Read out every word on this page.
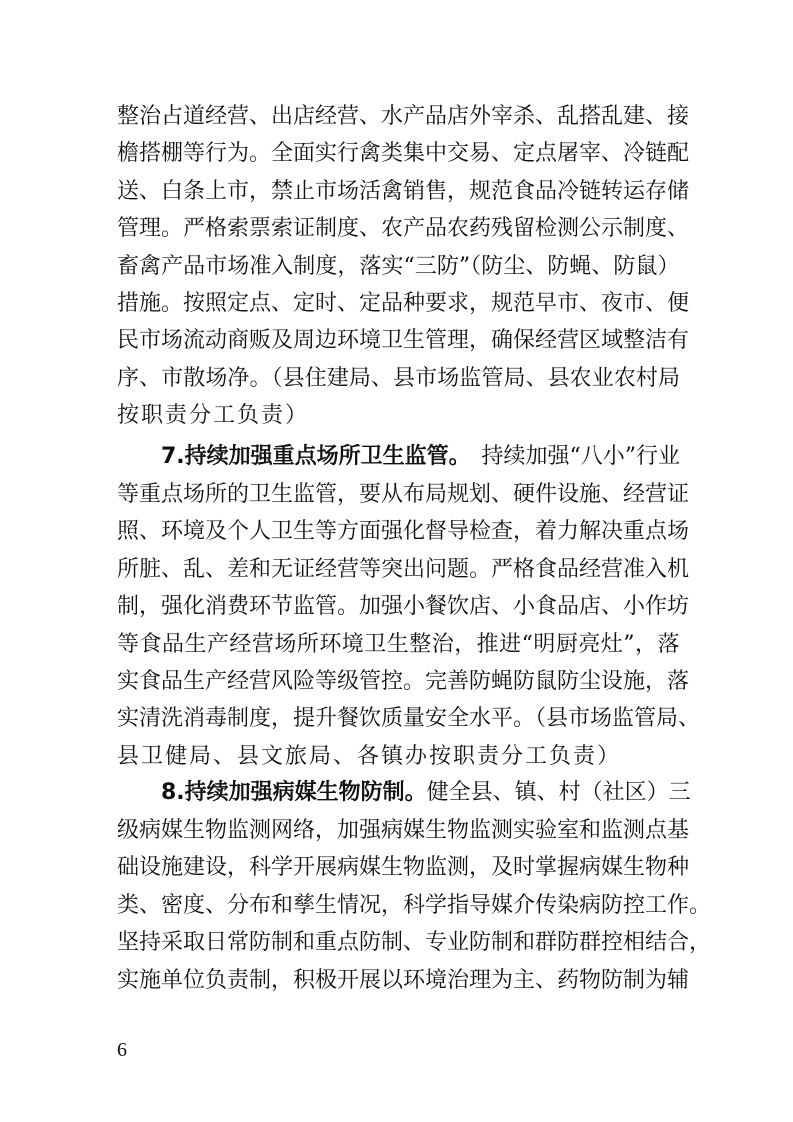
整治占道经营、出店经营、水产品店外宰杀、乱搭乱建、接
檐搭棚等行为。全面实行禽类集中交易、定点屠宰、冷链配
送、白条上市，禁止市场活禽销售，规范食品冷链转运存储
管理。严格索票索证制度、农产品农药残留检测公示制度、
畜禽产品市场准入制度，落实“三防”（防尘、防蝇、防鼠）
措施。按照定点、定时、定品种要求，规范早市、夜市、便
民市场流动商贩及周边环境卫生管理，确保经营区域整洁有
序、市散场净。（县住建局、县市场监管局、县农业农村局
按职责分工负责）
7.持续加强重点场所卫生监管。 持续加强“八小”行业
等重点场所的卫生监管，要从布局规划、硬件设施、经营证
照、环境及个人卫生等方面强化督导检查，着力解决重点场
所脏、乱、差和无证经营等突出问题。严格食品经营准入机
制，强化消费环节监管。加强小餐饮店、小食品店、小作坊
等食品生产经营场所环境卫生整治，推进“明厨亮灶”，落
实食品生产经营风险等级管控。完善防蝇防鼠防尘设施，落
实清洗消毒制度，提升餐饮质量安全水平。（县市场监管局、
县卫健局、县文旅局、各镇办按职责分工负责）
8.持续加强病媒生物防制。 健全县、镇、村（社区）三
级病媒生物监测网络，加强病媒生物监测实验室和监测点基
础设施建设，科学开展病媒生物监测，及时掌握病媒生物种
类、密度、分布和孳生情况，科学指导媒介传染病防控工作。
坚持采取日常防制和重点防制、专业防制和群防群控相结合，
实施单位负责制，积极开展以环境治理为主、药物防制为辅
6
